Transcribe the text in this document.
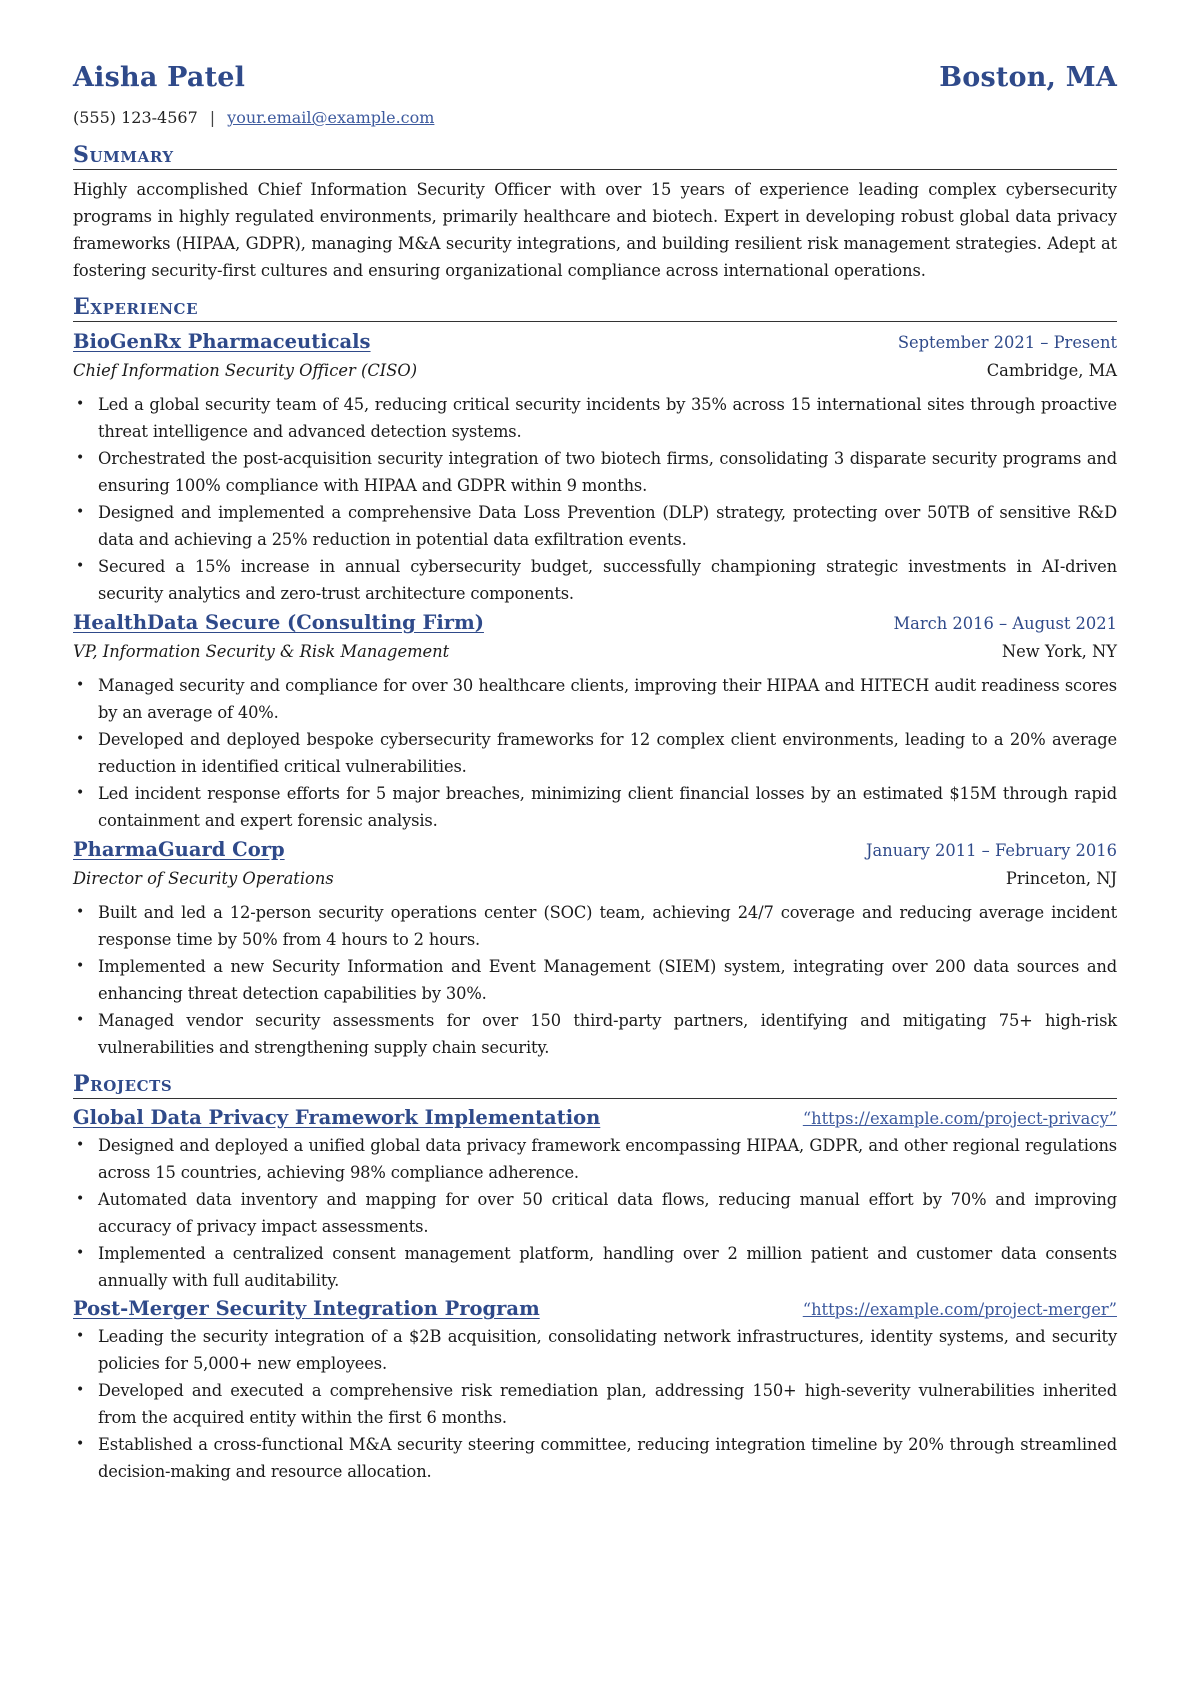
Aisha Patel	Boston, MA
(555) 123-4567 | your.email@example.com
Summary
Highly accomplished Chief Information Security Officer with over 15 years of experience leading complex cybersecurity programs in highly regulated environments, primarily healthcare and biotech. Expert in developing robust global data privacy frameworks (HIPAA, GDPR), managing M&A security integrations, and building resilient risk management strategies. Adept at fostering security-first cultures and ensuring organizational compliance across international operations.
Experience
BioGenRx Pharmaceuticals	September 2021 – Present
Chief Information Security Officer (CISO)	Cambridge, MA
• Led a global security team of 45, reducing critical security incidents by 35% across 15 international sites through proactive threat intelligence and advanced detection systems.
• Orchestrated the post-acquisition security integration of two biotech firms, consolidating 3 disparate security programs and ensuring 100% compliance with HIPAA and GDPR within 9 months.
• Designed and implemented a comprehensive Data Loss Prevention (DLP) strategy, protecting over 50TB of sensitive R&D data and achieving a 25% reduction in potential data exfiltration events.
• Secured a 15% increase in annual cybersecurity budget, successfully championing strategic investments in AI-driven security analytics and zero-trust architecture components.
HealthData Secure (Consulting Firm)	March 2016 – August 2021
VP, Information Security & Risk Management	New York, NY
• Managed security and compliance for over 30 healthcare clients, improving their HIPAA and HITECH audit readiness scores by an average of 40%.
• Developed and deployed bespoke cybersecurity frameworks for 12 complex client environments, leading to a 20% average reduction in identified critical vulnerabilities.
• Led incident response efforts for 5 major breaches, minimizing client financial losses by an estimated $15M through rapid containment and expert forensic analysis.
PharmaGuard Corp	January 2011 – February 2016
Director of Security Operations	Princeton, NJ
• Built and led a 12-person security operations center (SOC) team, achieving 24/7 coverage and reducing average incident response time by 50% from 4 hours to 2 hours.
• Implemented a new Security Information and Event Management (SIEM) system, integrating over 200 data sources and enhancing threat detection capabilities by 30%.
• Managed vendor security assessments for over 150 third-party partners, identifying and mitigating 75+ high-risk vulnerabilities and strengthening supply chain security.
Projects
Global Data Privacy Framework Implementation	“https://example.com/project-privacy”
• Designed and deployed a unified global data privacy framework encompassing HIPAA, GDPR, and other regional regulations across 15 countries, achieving 98% compliance adherence.
• Automated data inventory and mapping for over 50 critical data flows, reducing manual effort by 70% and improving accuracy of privacy impact assessments.
• Implemented a centralized consent management platform, handling over 2 million patient and customer data consents annually with full auditability.
Post-Merger Security Integration Program	“https://example.com/project-merger”
• Leading the security integration of a $2B acquisition, consolidating network infrastructures, identity systems, and security policies for 5,000+ new employees.
• Developed and executed a comprehensive risk remediation plan, addressing 150+ high-severity vulnerabilities inherited from the acquired entity within the first 6 months.
• Established a cross-functional M&A security steering committee, reducing integration timeline by 20% through streamlined decision-making and resource allocation.
